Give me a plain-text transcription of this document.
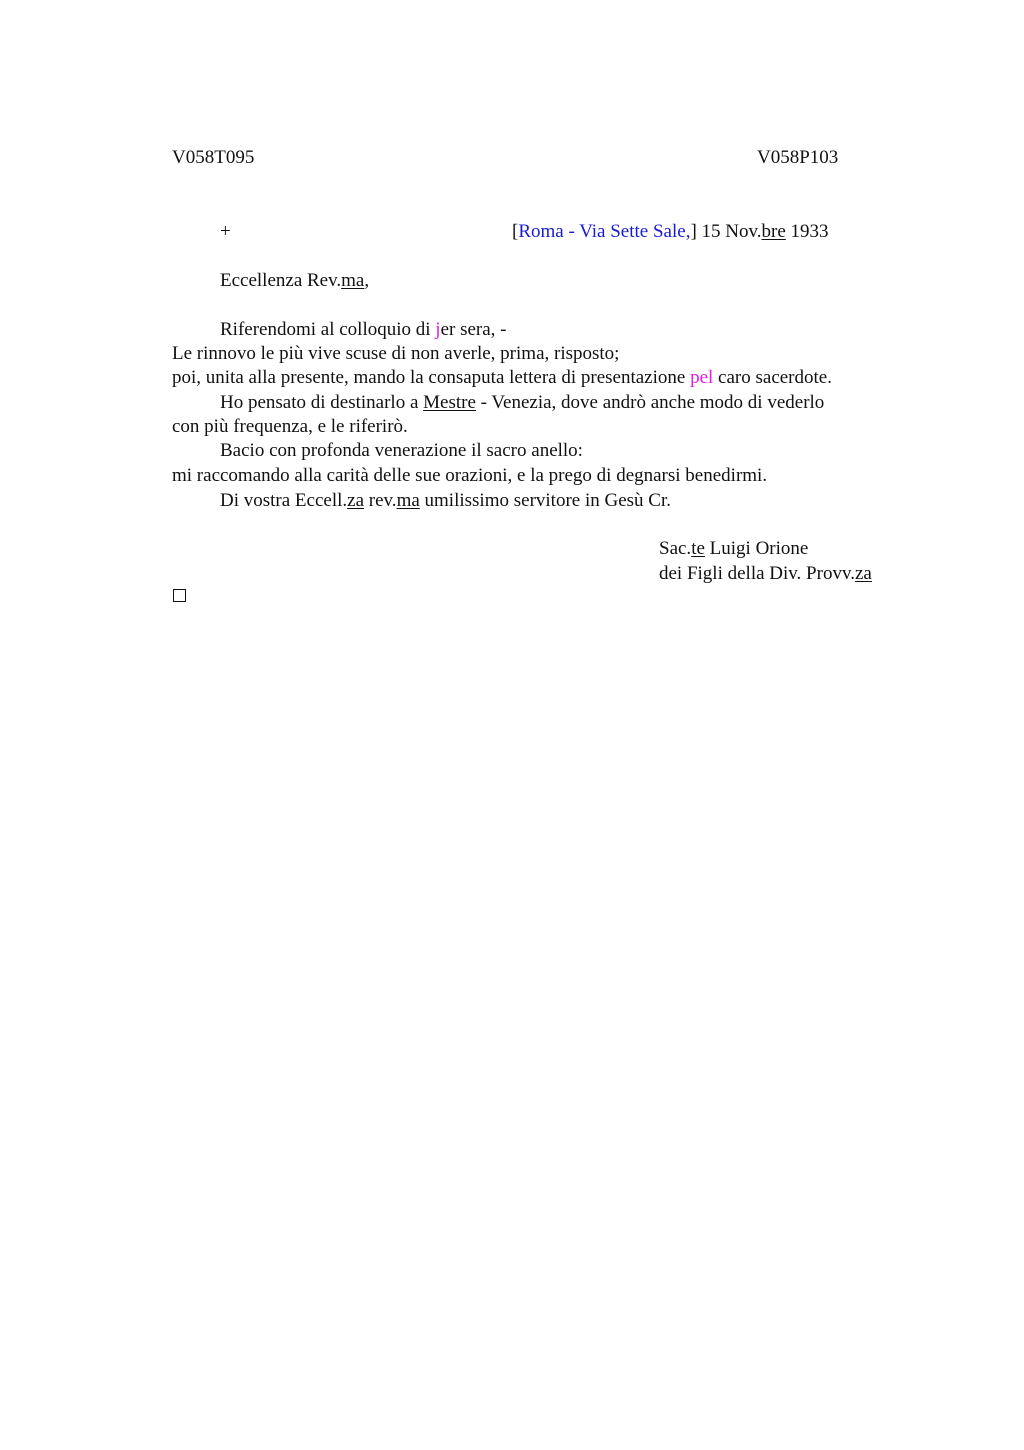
V058T095	V058P103
+	[Roma - Via Sette Sale,] 15 Nov.bre 1933
Eccellenza Rev.ma,
Riferendomi al colloquio di jer sera, -
Le rinnovo le più vive scuse di non averle, prima, risposto;
poi, unita alla presente, mando la consaputa lettera di presentazione pel caro sacerdote.
Ho pensato di destinarlo a Mestre - Venezia, dove andrò anche modo di vederlo
con più frequenza, e le riferirò.
Bacio con profonda venerazione il sacro anello:
mi raccomando alla carità delle sue orazioni, e la prego di degnarsi benedirmi.
Di vostra Eccell.za rev.ma umilissimo servitore in Gesù Cr.
Sac.te Luigi Orione
dei Figli della Div. Provv.za
